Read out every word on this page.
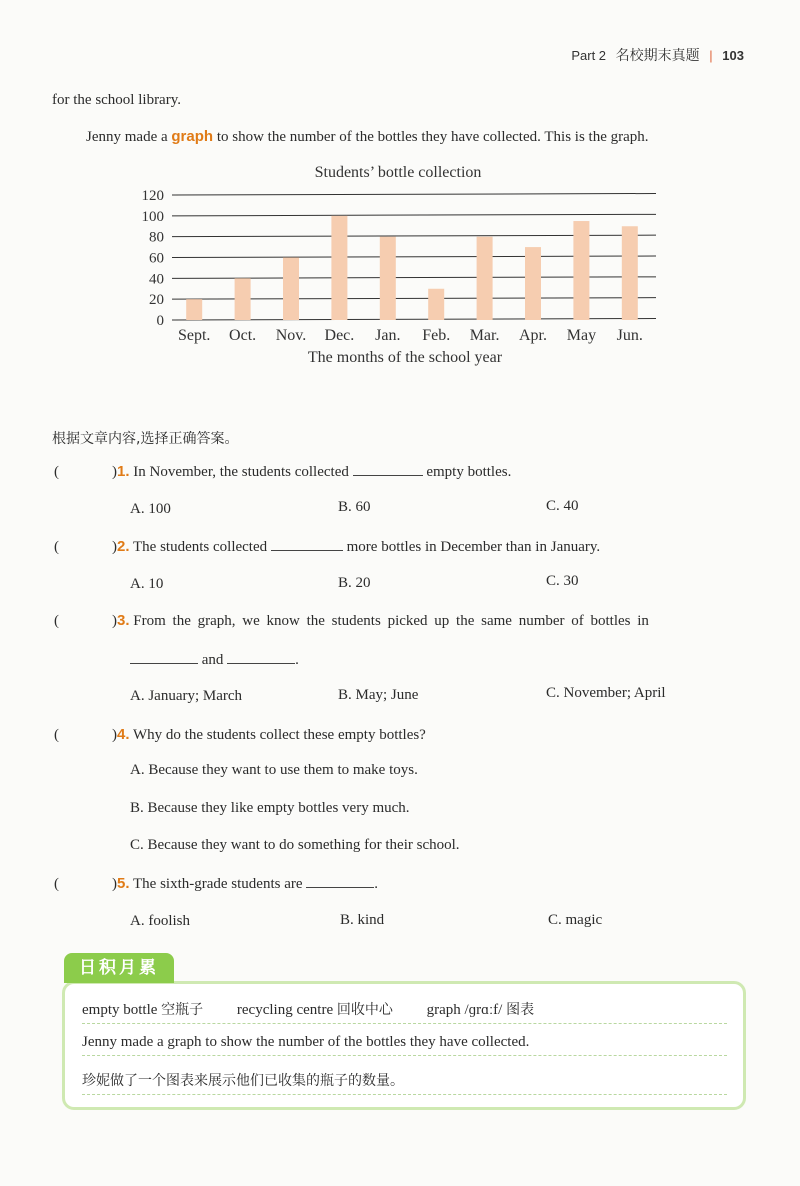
Part 2 名校期末真题 | 103
for the school library.
Jenny made a graph to show the number of the bottles they have collected. This is the graph.
Students’ bottle collection
0
20
40
60
80
100
120
Sept. Oct. Nov. Dec. Jan. Feb. Mar. Apr. May Jun.
The months of the school year
根据文章内容,选择正确答案。
(	)1. In November, the students collected	empty bottles.
A. 100	B. 60	C. 40
(	)2. The students collected	more bottles in December than in January.
A. 10	B. 20	C. 30
(	)3. From the graph, we know the students picked up the same number of bottles in
and	.
A. January; March	B. May; June	C. November; April
(	)4. Why do the students collect these empty bottles?
A. Because they want to use them to make toys.
B. Because they like empty bottles very much.
C. Because they want to do something for their school.
(	)5. The sixth-grade students are	.
A. foolish	B. kind	C. magic
日积月累
empty bottle 空瓶子 recycling centre 回收中心 graph /ɡrɑːf/ 图表
Jenny made a graph to show the number of the bottles they have collected.
珍妮做了一个图表来展示他们已收集的瓶子的数量。
